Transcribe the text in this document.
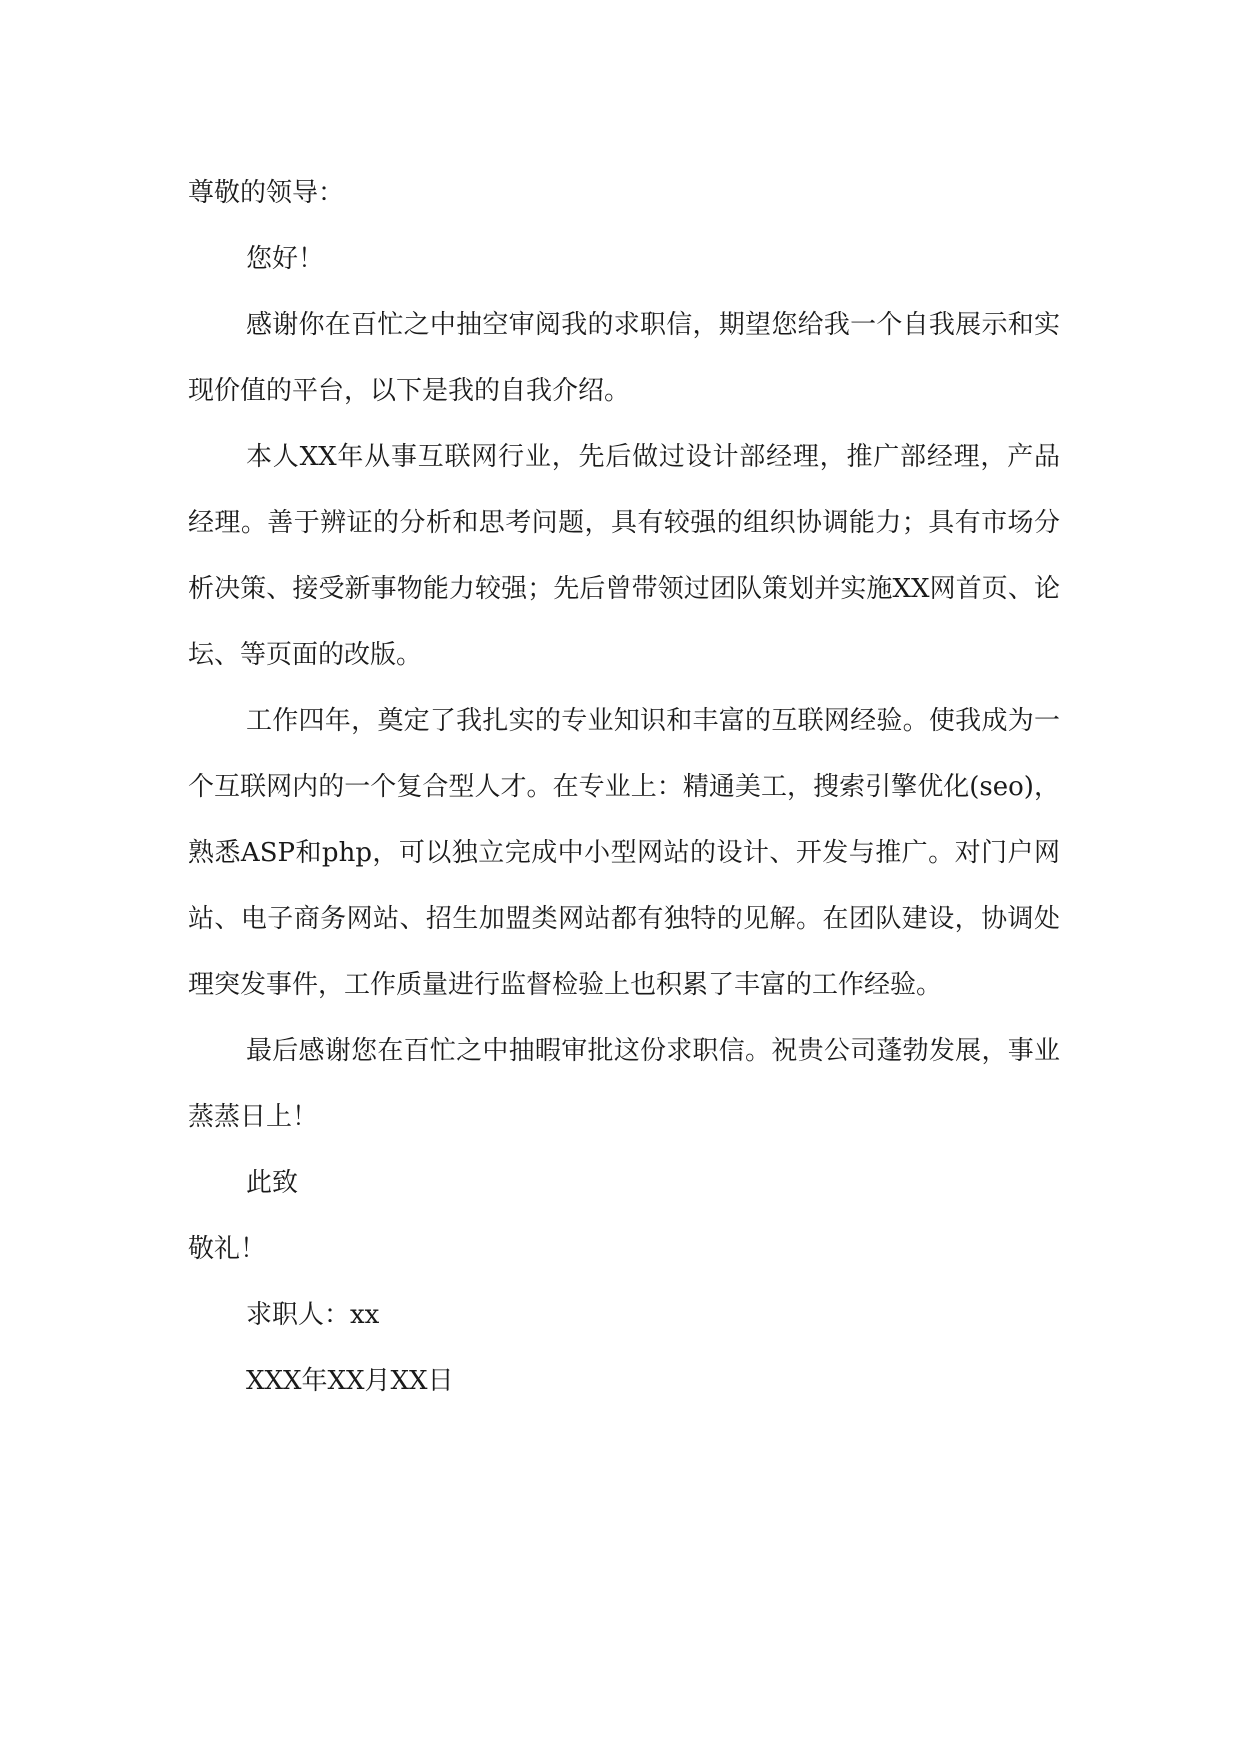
尊敬的领导：

您好！

感谢你在百忙之中抽空审阅我的求职信，期望您给我一个自我展示和实现价值的平台，以下是我的自我介绍。

本人XX年从事互联网行业，先后做过设计部经理，推广部经理，产品经理。善于辨证的分析和思考问题，具有较强的组织协调能力；具有市场分析决策、接受新事物能力较强；先后曾带领过团队策划并实施XX网首页、论坛、等页面的改版。

工作四年，奠定了我扎实的专业知识和丰富的互联网经验。使我成为一个互联网内的一个复合型人才。在专业上：精通美工，搜索引擎优化(seo)，熟悉ASP和php，可以独立完成中小型网站的设计、开发与推广。对门户网站、电子商务网站、招生加盟类网站都有独特的见解。在团队建设，协调处理突发事件，工作质量进行监督检验上也积累了丰富的工作经验。

最后感谢您在百忙之中抽暇审批这份求职信。祝贵公司蓬勃发展，事业蒸蒸日上！

此致

敬礼！

求职人：xx

XXX年XX月XX日
